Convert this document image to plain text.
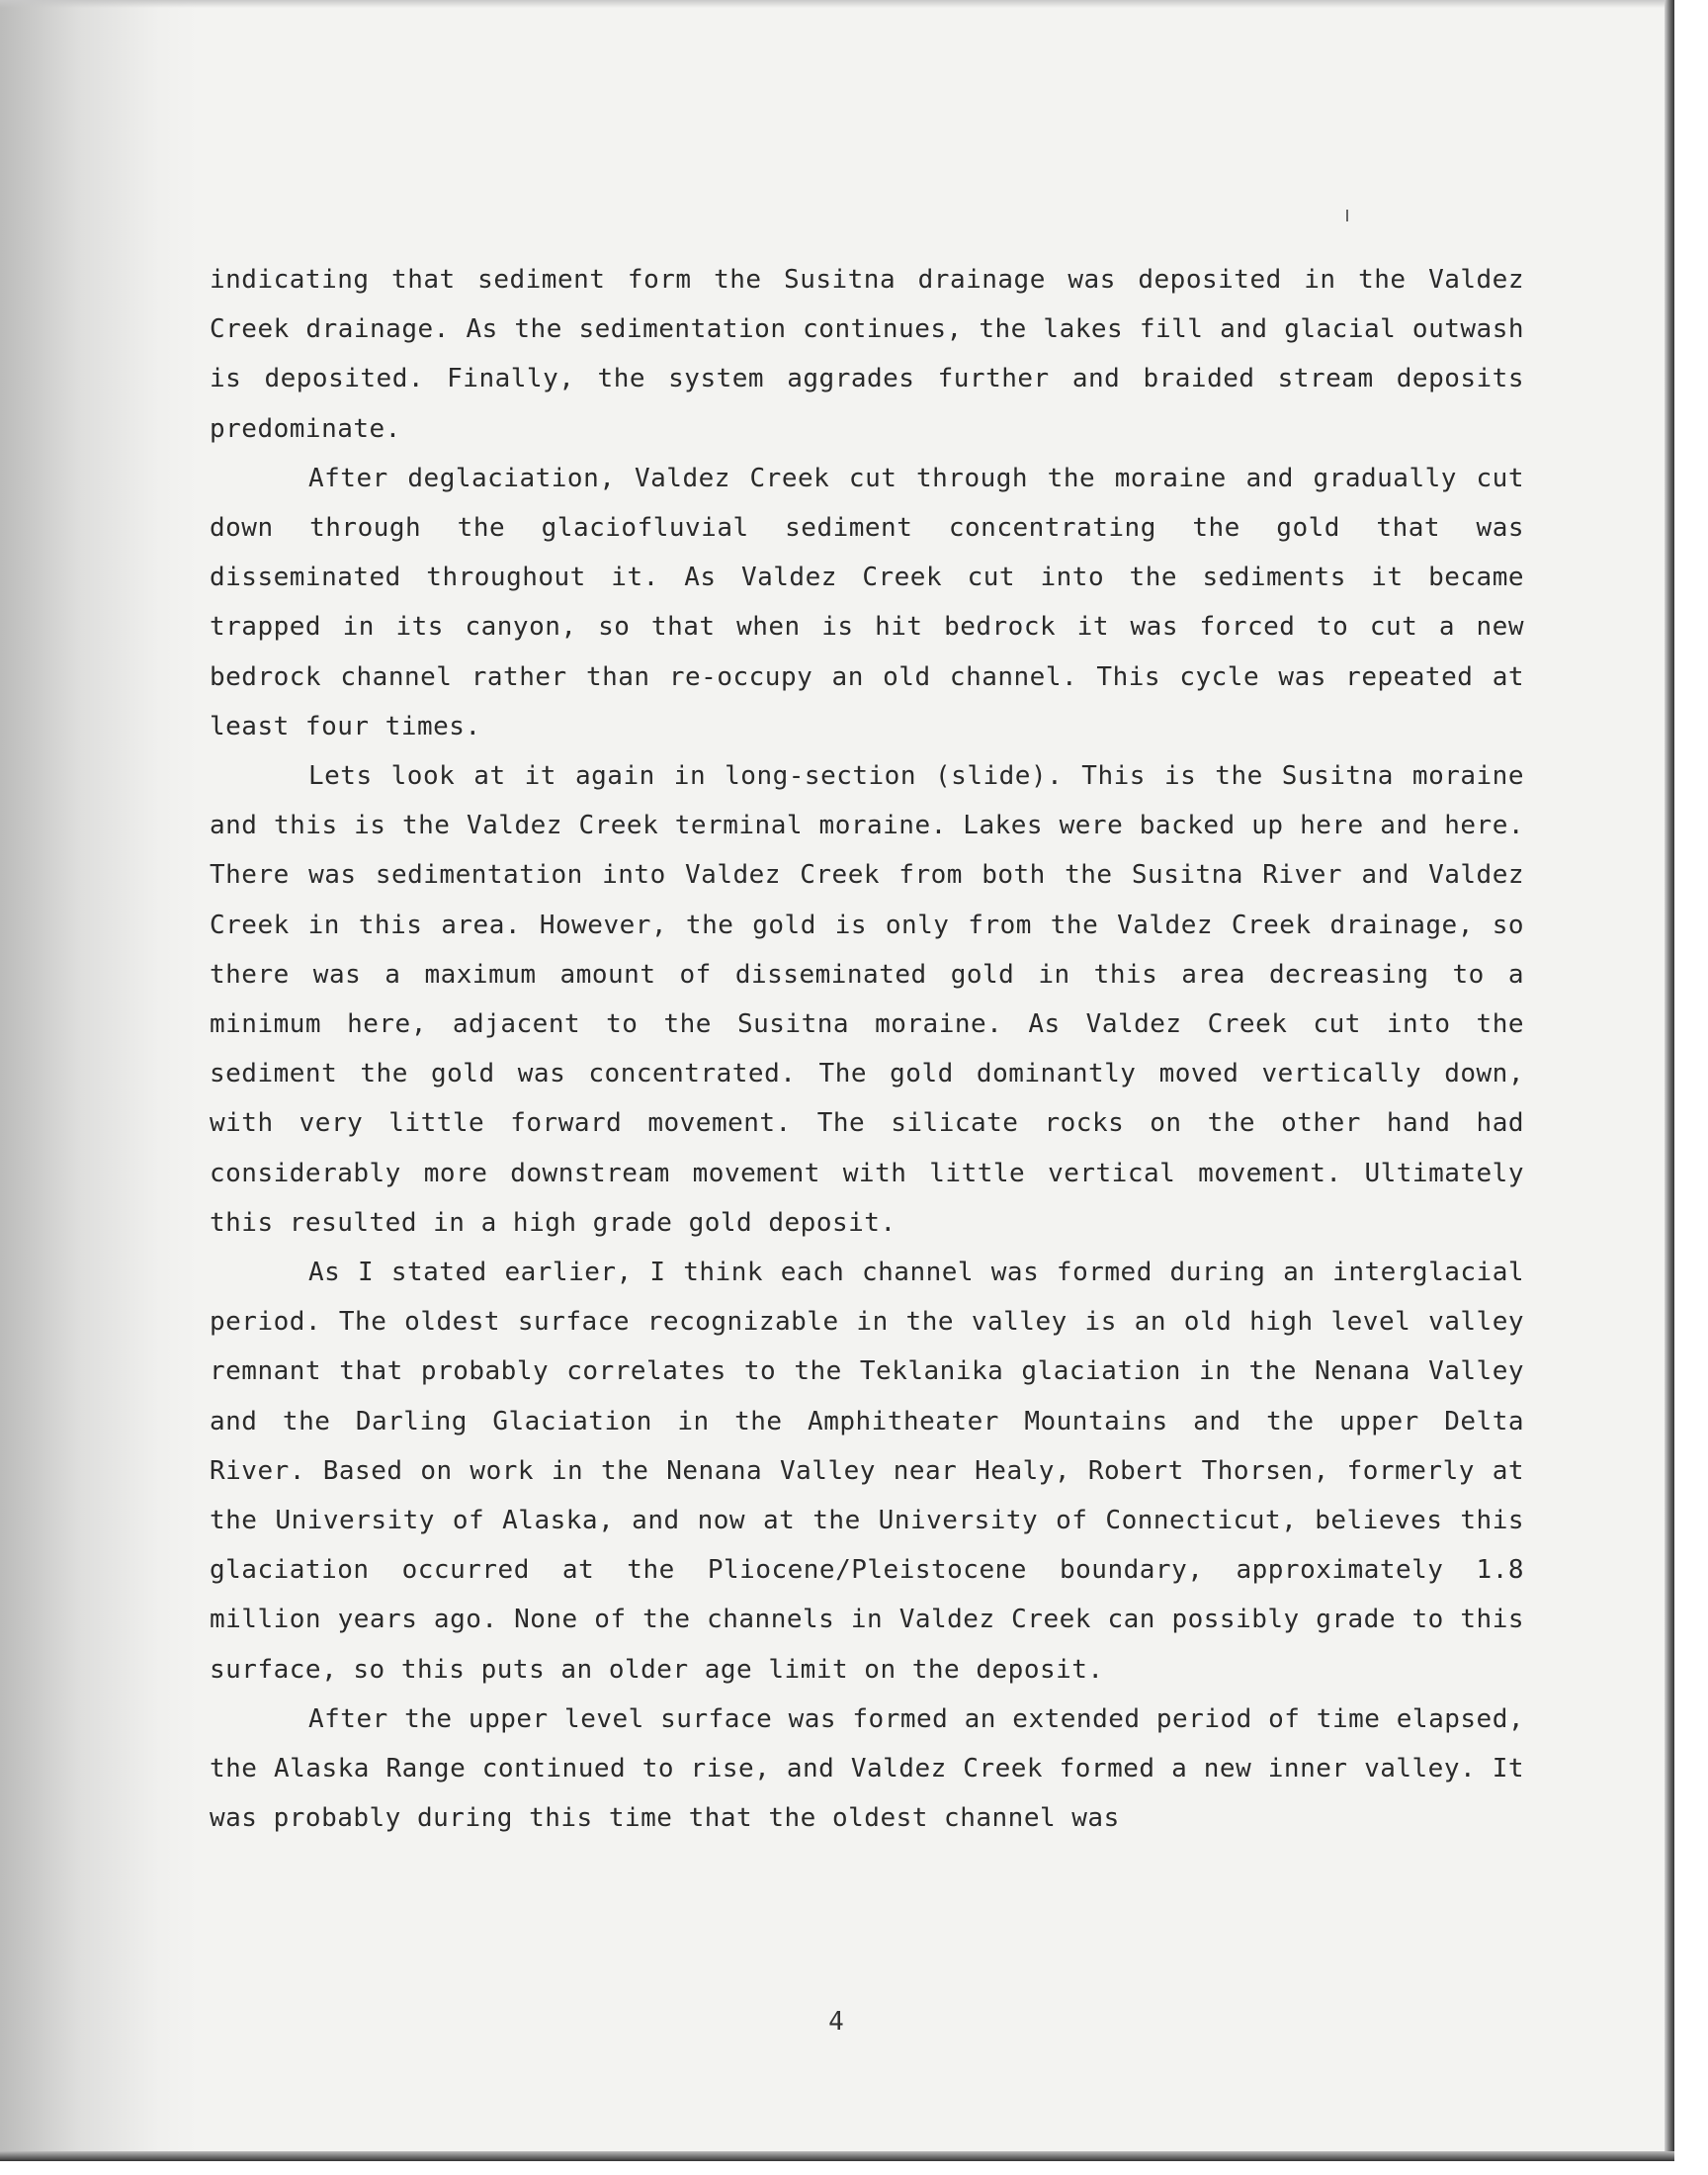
indicating that sediment form the Susitna drainage was deposited in the Valdez Creek drainage. As the sedimentation continues, the lakes fill and glacial outwash is deposited. Finally, the system aggrades further and braided stream deposits predominate.

After deglaciation, Valdez Creek cut through the moraine and gradually cut down through the glaciofluvial sediment concentrating the gold that was disseminated throughout it. As Valdez Creek cut into the sediments it became trapped in its canyon, so that when is hit bedrock it was forced to cut a new bedrock channel rather than re-occupy an old channel. This cycle was repeated at least four times.

Lets look at it again in long-section (slide). This is the Susitna moraine and this is the Valdez Creek terminal moraine. Lakes were backed up here and here. There was sedimentation into Valdez Creek from both the Susitna River and Valdez Creek in this area. However, the gold is only from the Valdez Creek drainage, so there was a maximum amount of disseminated gold in this area decreasing to a minimum here, adjacent to the Susitna moraine. As Valdez Creek cut into the sediment the gold was concentrated. The gold dominantly moved vertically down, with very little forward movement. The silicate rocks on the other hand had considerably more downstream movement with little vertical movement. Ultimately this resulted in a high grade gold deposit.

As I stated earlier, I think each channel was formed during an interglacial period. The oldest surface recognizable in the valley is an old high level valley remnant that probably correlates to the Teklanika glaciation in the Nenana Valley and the Darling Glaciation in the Amphitheater Mountains and the upper Delta River. Based on work in the Nenana Valley near Healy, Robert Thorsen, formerly at the University of Alaska, and now at the University of Connecticut, believes this glaciation occurred at the Pliocene/Pleistocene boundary, approximately 1.8 million years ago. None of the channels in Valdez Creek can possibly grade to this surface, so this puts an older age limit on the deposit.

After the upper level surface was formed an extended period of time elapsed, the Alaska Range continued to rise, and Valdez Creek formed a new inner valley. It was probably during this time that the oldest channel was

4
